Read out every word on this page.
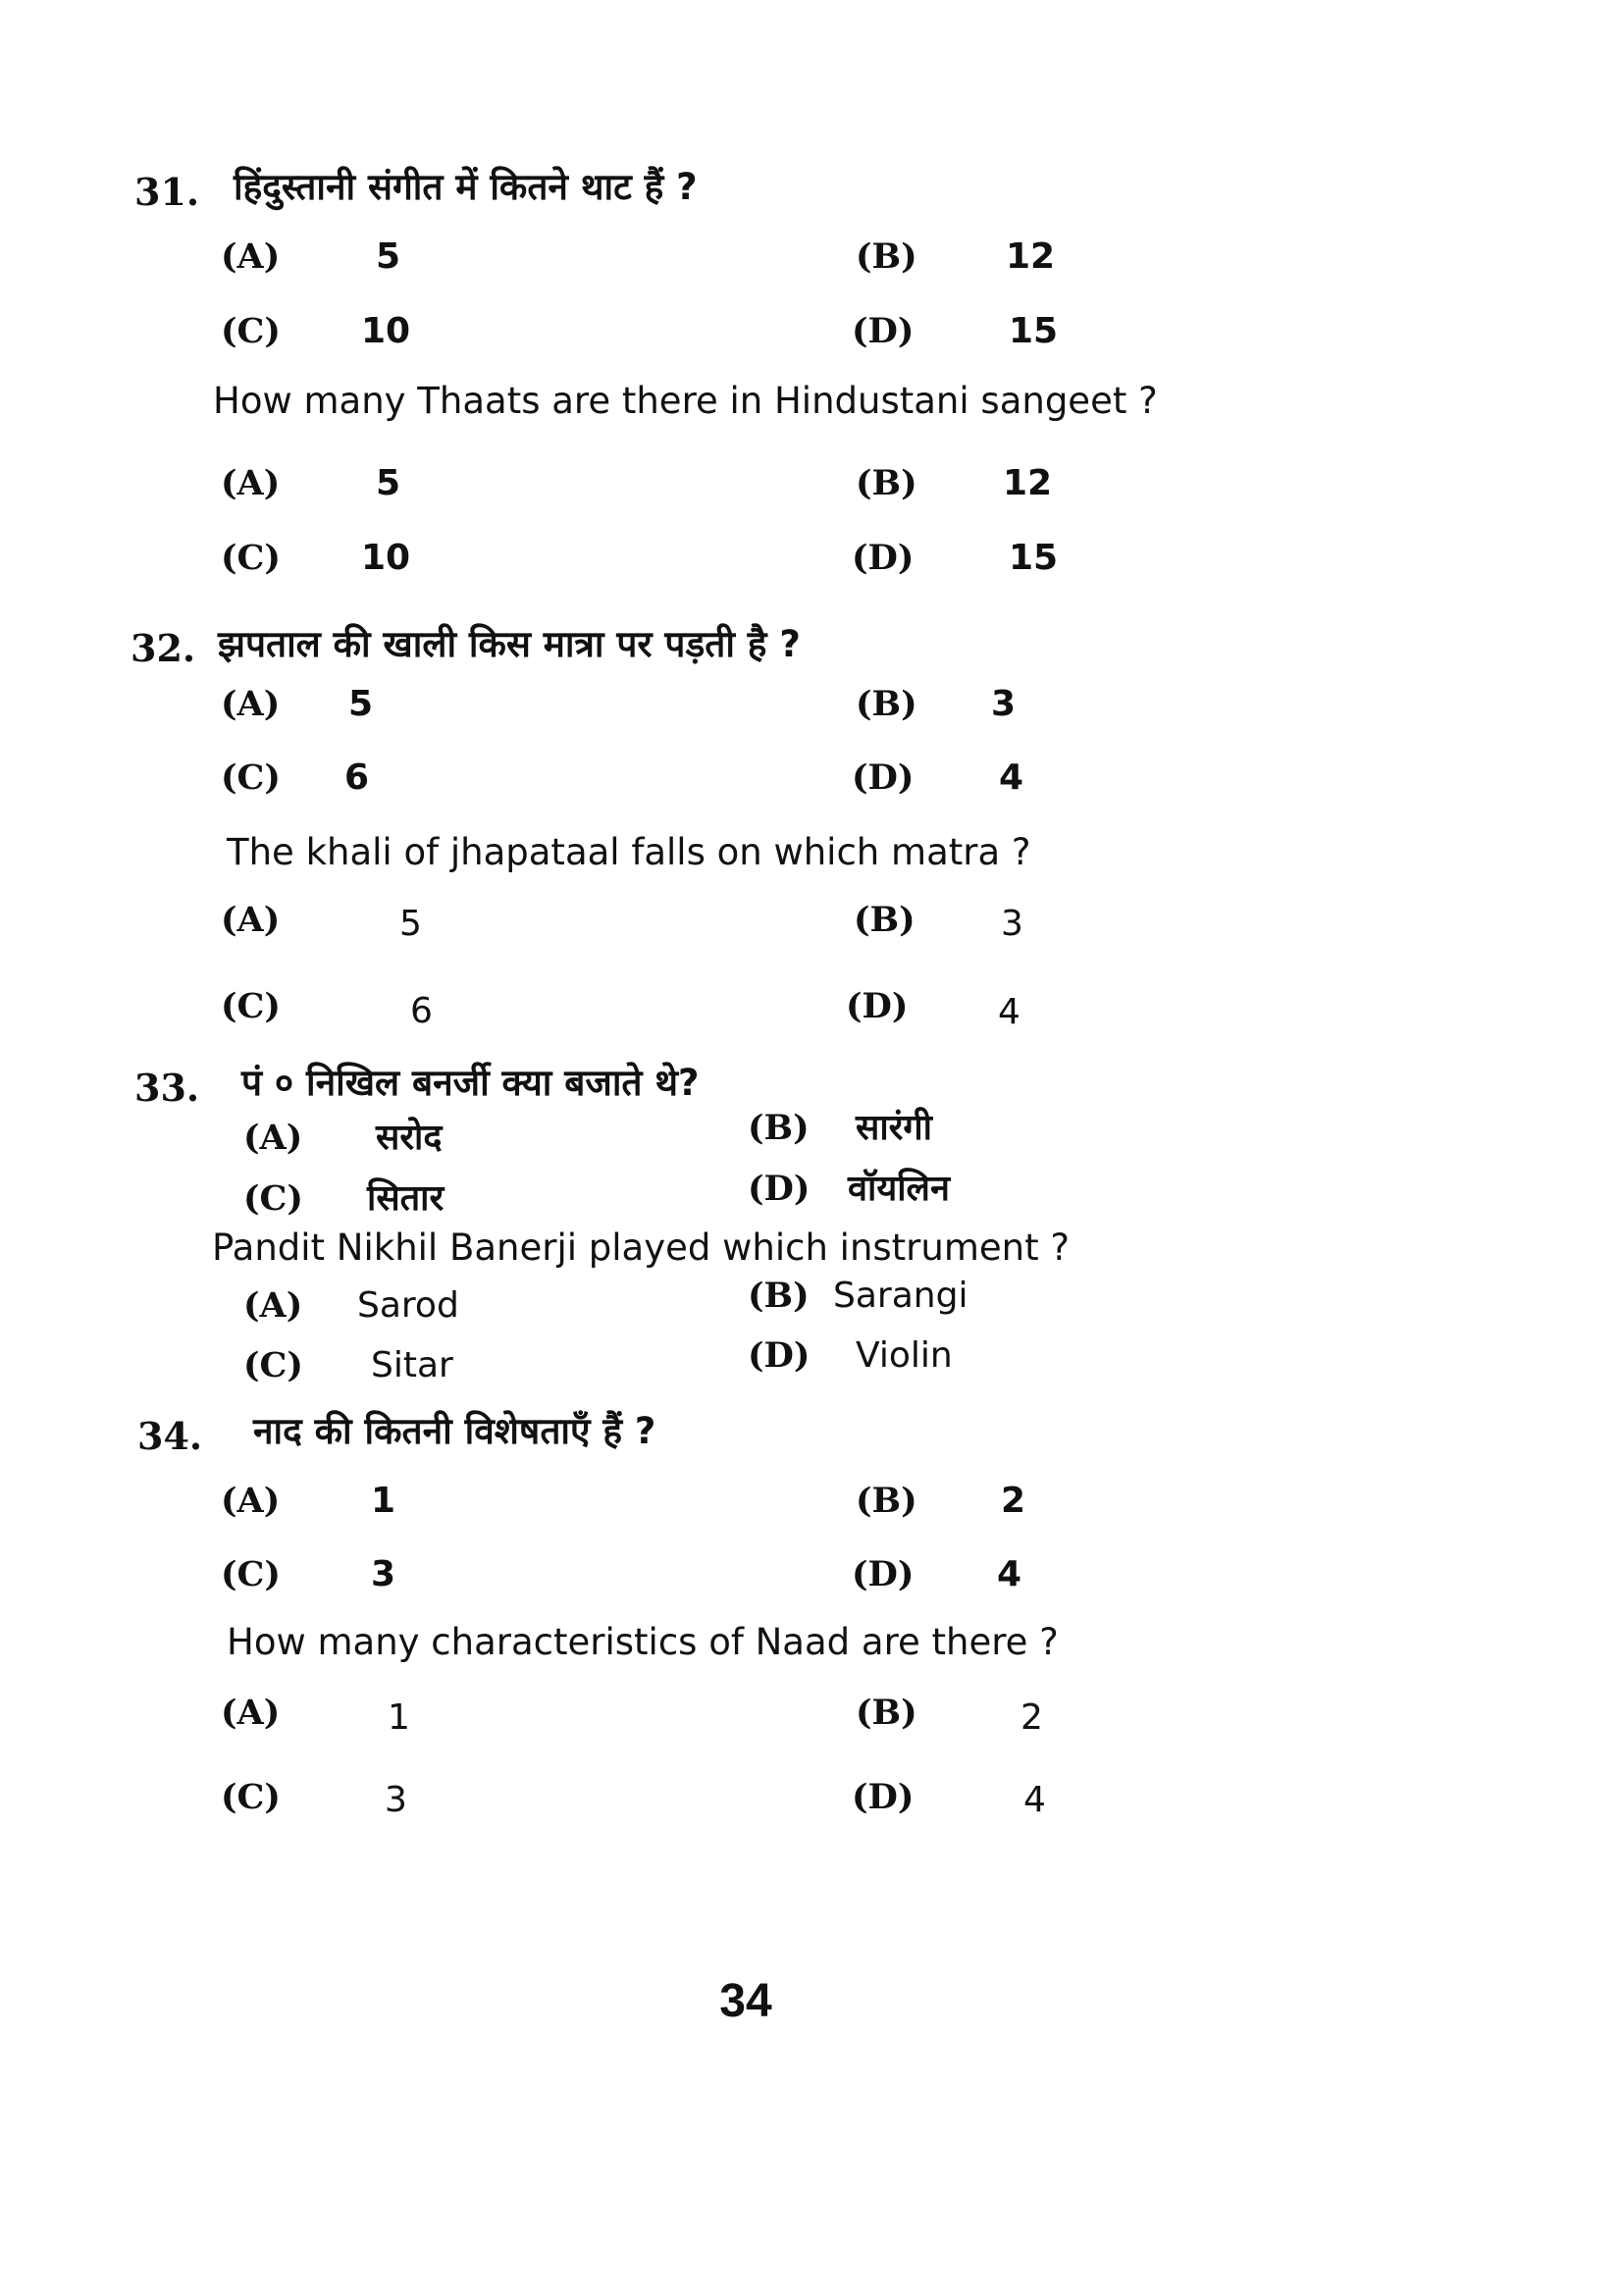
31. हिंदुस्तानी संगीत में कितने थाट हैं ?
(A)	5	(B)	12
(C) 10	(D)	15
How many Thaats are there in Hindustani sangeet ?
(A)	5	(B) 12
(C) 10	(D)	15
32. झपताल की खाली किस मात्रा पर पड़ती है ?
(A) 5	(B) 3
(C) 6	(D) 4
The khali of jhapataal falls on which matra ?
(A)	5	(B) 3
(C)	6	(D)	4
33. पं ० निखिल बनर्जी क्या बजाते थे?
(A) सरोद	(B) सारंगी
(C) सितार	(D) वॉयलिन
Pandit Nikhil Banerji played which instrument ?
(A) Sarod	(B) Sarangi
(C) Sitar	(D) Violin
34. नाद की कितनी विशेषताएँ हैं ?
(A)	1	(B) 2
(C)	3	(D) 4
How many characteristics of Naad are there ?
(A)	1	(B)	2
(C)	3	(D)	4
34
